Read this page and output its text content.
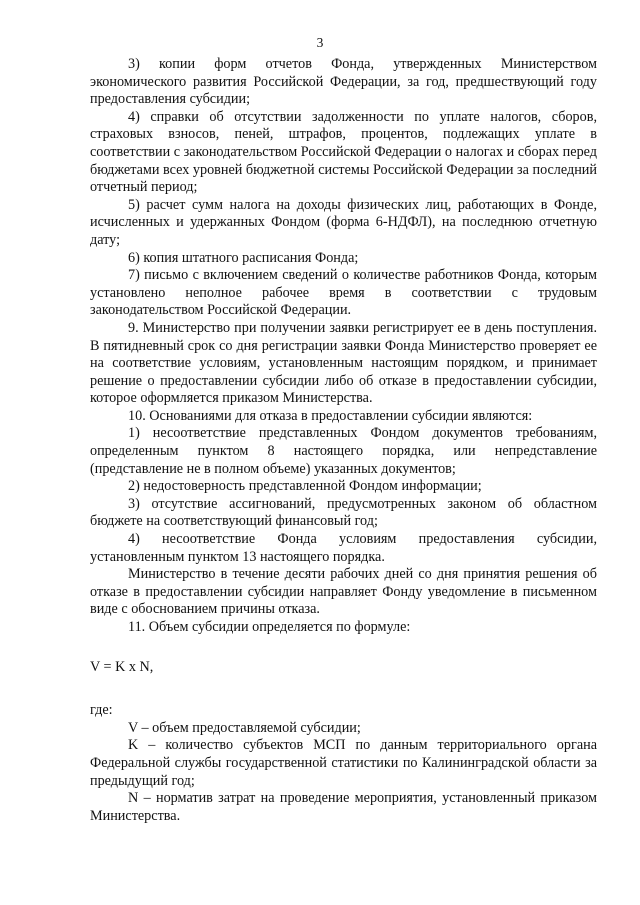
3

3) копии форм отчетов Фонда, утвержденных Министерством экономического развития Российской Федерации, за год, предшествующий году предоставления субсидии;

4) справки об отсутствии задолженности по уплате налогов, сборов, страховых взносов, пеней, штрафов, процентов, подлежащих уплате в соответствии с законодательством Российской Федерации о налогах и сборах перед бюджетами всех уровней бюджетной системы Российской Федерации за последний отчетный период;

5) расчет сумм налога на доходы физических лиц, работающих в Фонде, исчисленных и удержанных Фондом (форма 6-НДФЛ), на последнюю отчетную дату;

6) копия штатного расписания Фонда;

7) письмо с включением сведений о количестве работников Фонда, которым установлено неполное рабочее время в соответствии с трудовым законодательством Российской Федерации.

9. Министерство при получении заявки регистрирует ее в день поступления. В пятидневный срок со дня регистрации заявки Фонда Министерство проверяет ее на соответствие условиям, установленным настоящим порядком, и принимает решение о предоставлении субсидии либо об отказе в предоставлении субсидии, которое оформляется приказом Министерства.

10. Основаниями для отказа в предоставлении субсидии являются:

1) несоответствие представленных Фондом документов требованиям, определенным пунктом 8 настоящего порядка, или непредставление (представление не в полном объеме) указанных документов;

2) недостоверность представленной Фондом информации;

3) отсутствие ассигнований, предусмотренных законом об областном бюджете на соответствующий финансовый год;

4) несоответствие Фонда условиям предоставления субсидии, установленным пунктом 13 настоящего порядка.

Министерство в течение десяти рабочих дней со дня принятия решения об отказе в предоставлении субсидии направляет Фонду уведомление в письменном виде с обоснованием причины отказа.

11. Объем субсидии определяется по формуле:

V = K x N,

где:

V – объем предоставляемой субсидии;

K – количество субъектов МСП по данным территориального органа Федеральной службы государственной статистики по Калининградской области за предыдущий год;

N – норматив затрат на проведение мероприятия, установленный приказом Министерства.
